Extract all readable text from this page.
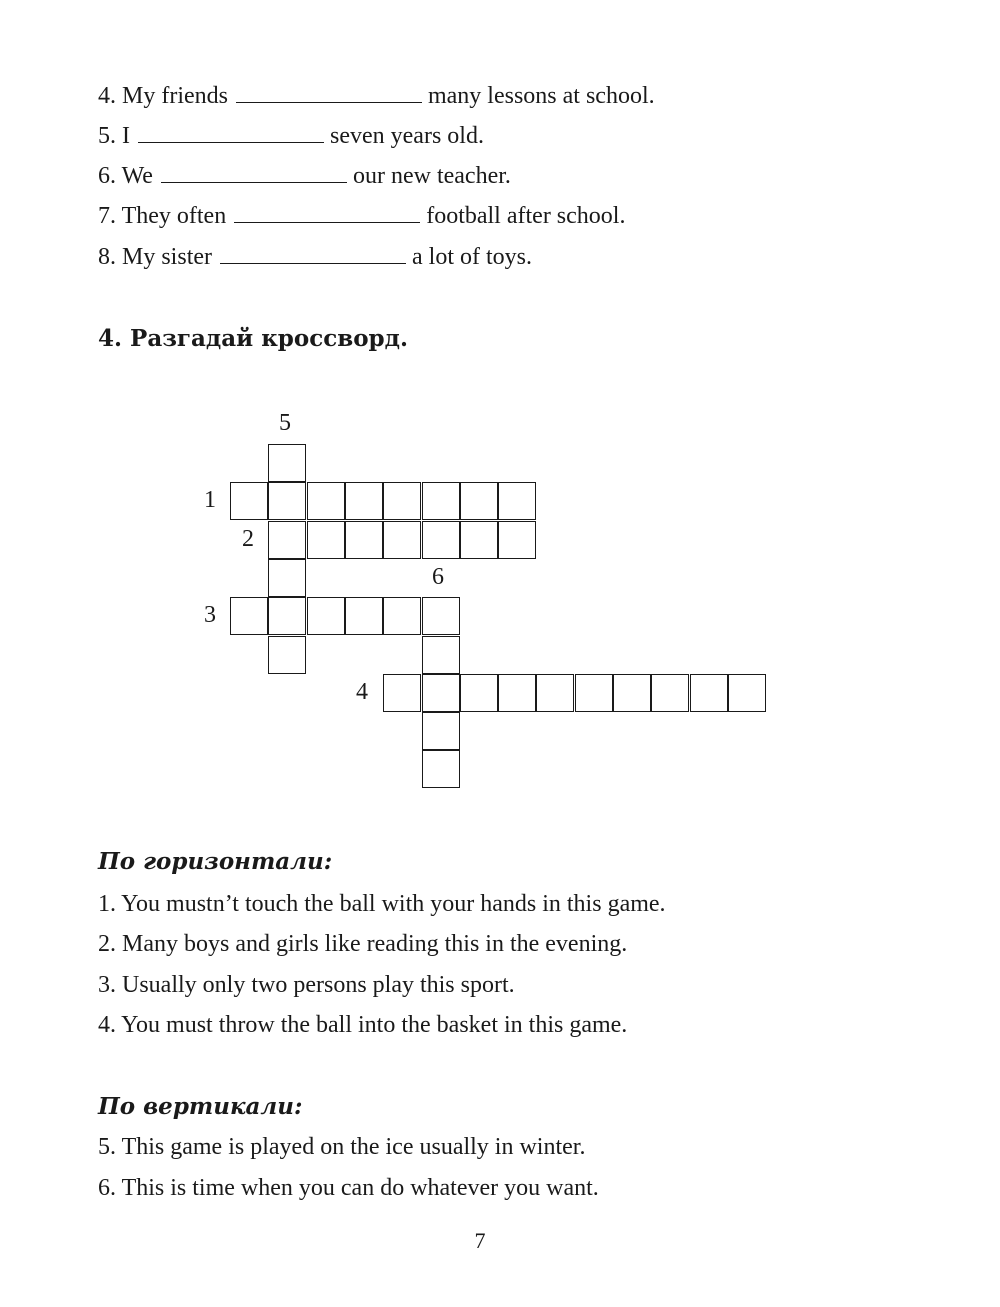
4. My friends	many lessons at school.
5. I	seven years old.
6. We	our new teacher.
7. They often	football after school.
8. My sister	a lot of toys.
4. Разгадай кроссворд.
5
1
2
6
3
4
По горизонтали:
1. You mustn’t touch the ball with your hands in this game.
2. Many boys and girls like reading this in the evening.
3. Usually only two persons play this sport.
4. You must throw the ball into the basket in this game.
По вертикали:
5. This game is played on the ice usually in winter.
6. This is time when you can do whatever you want.
7
